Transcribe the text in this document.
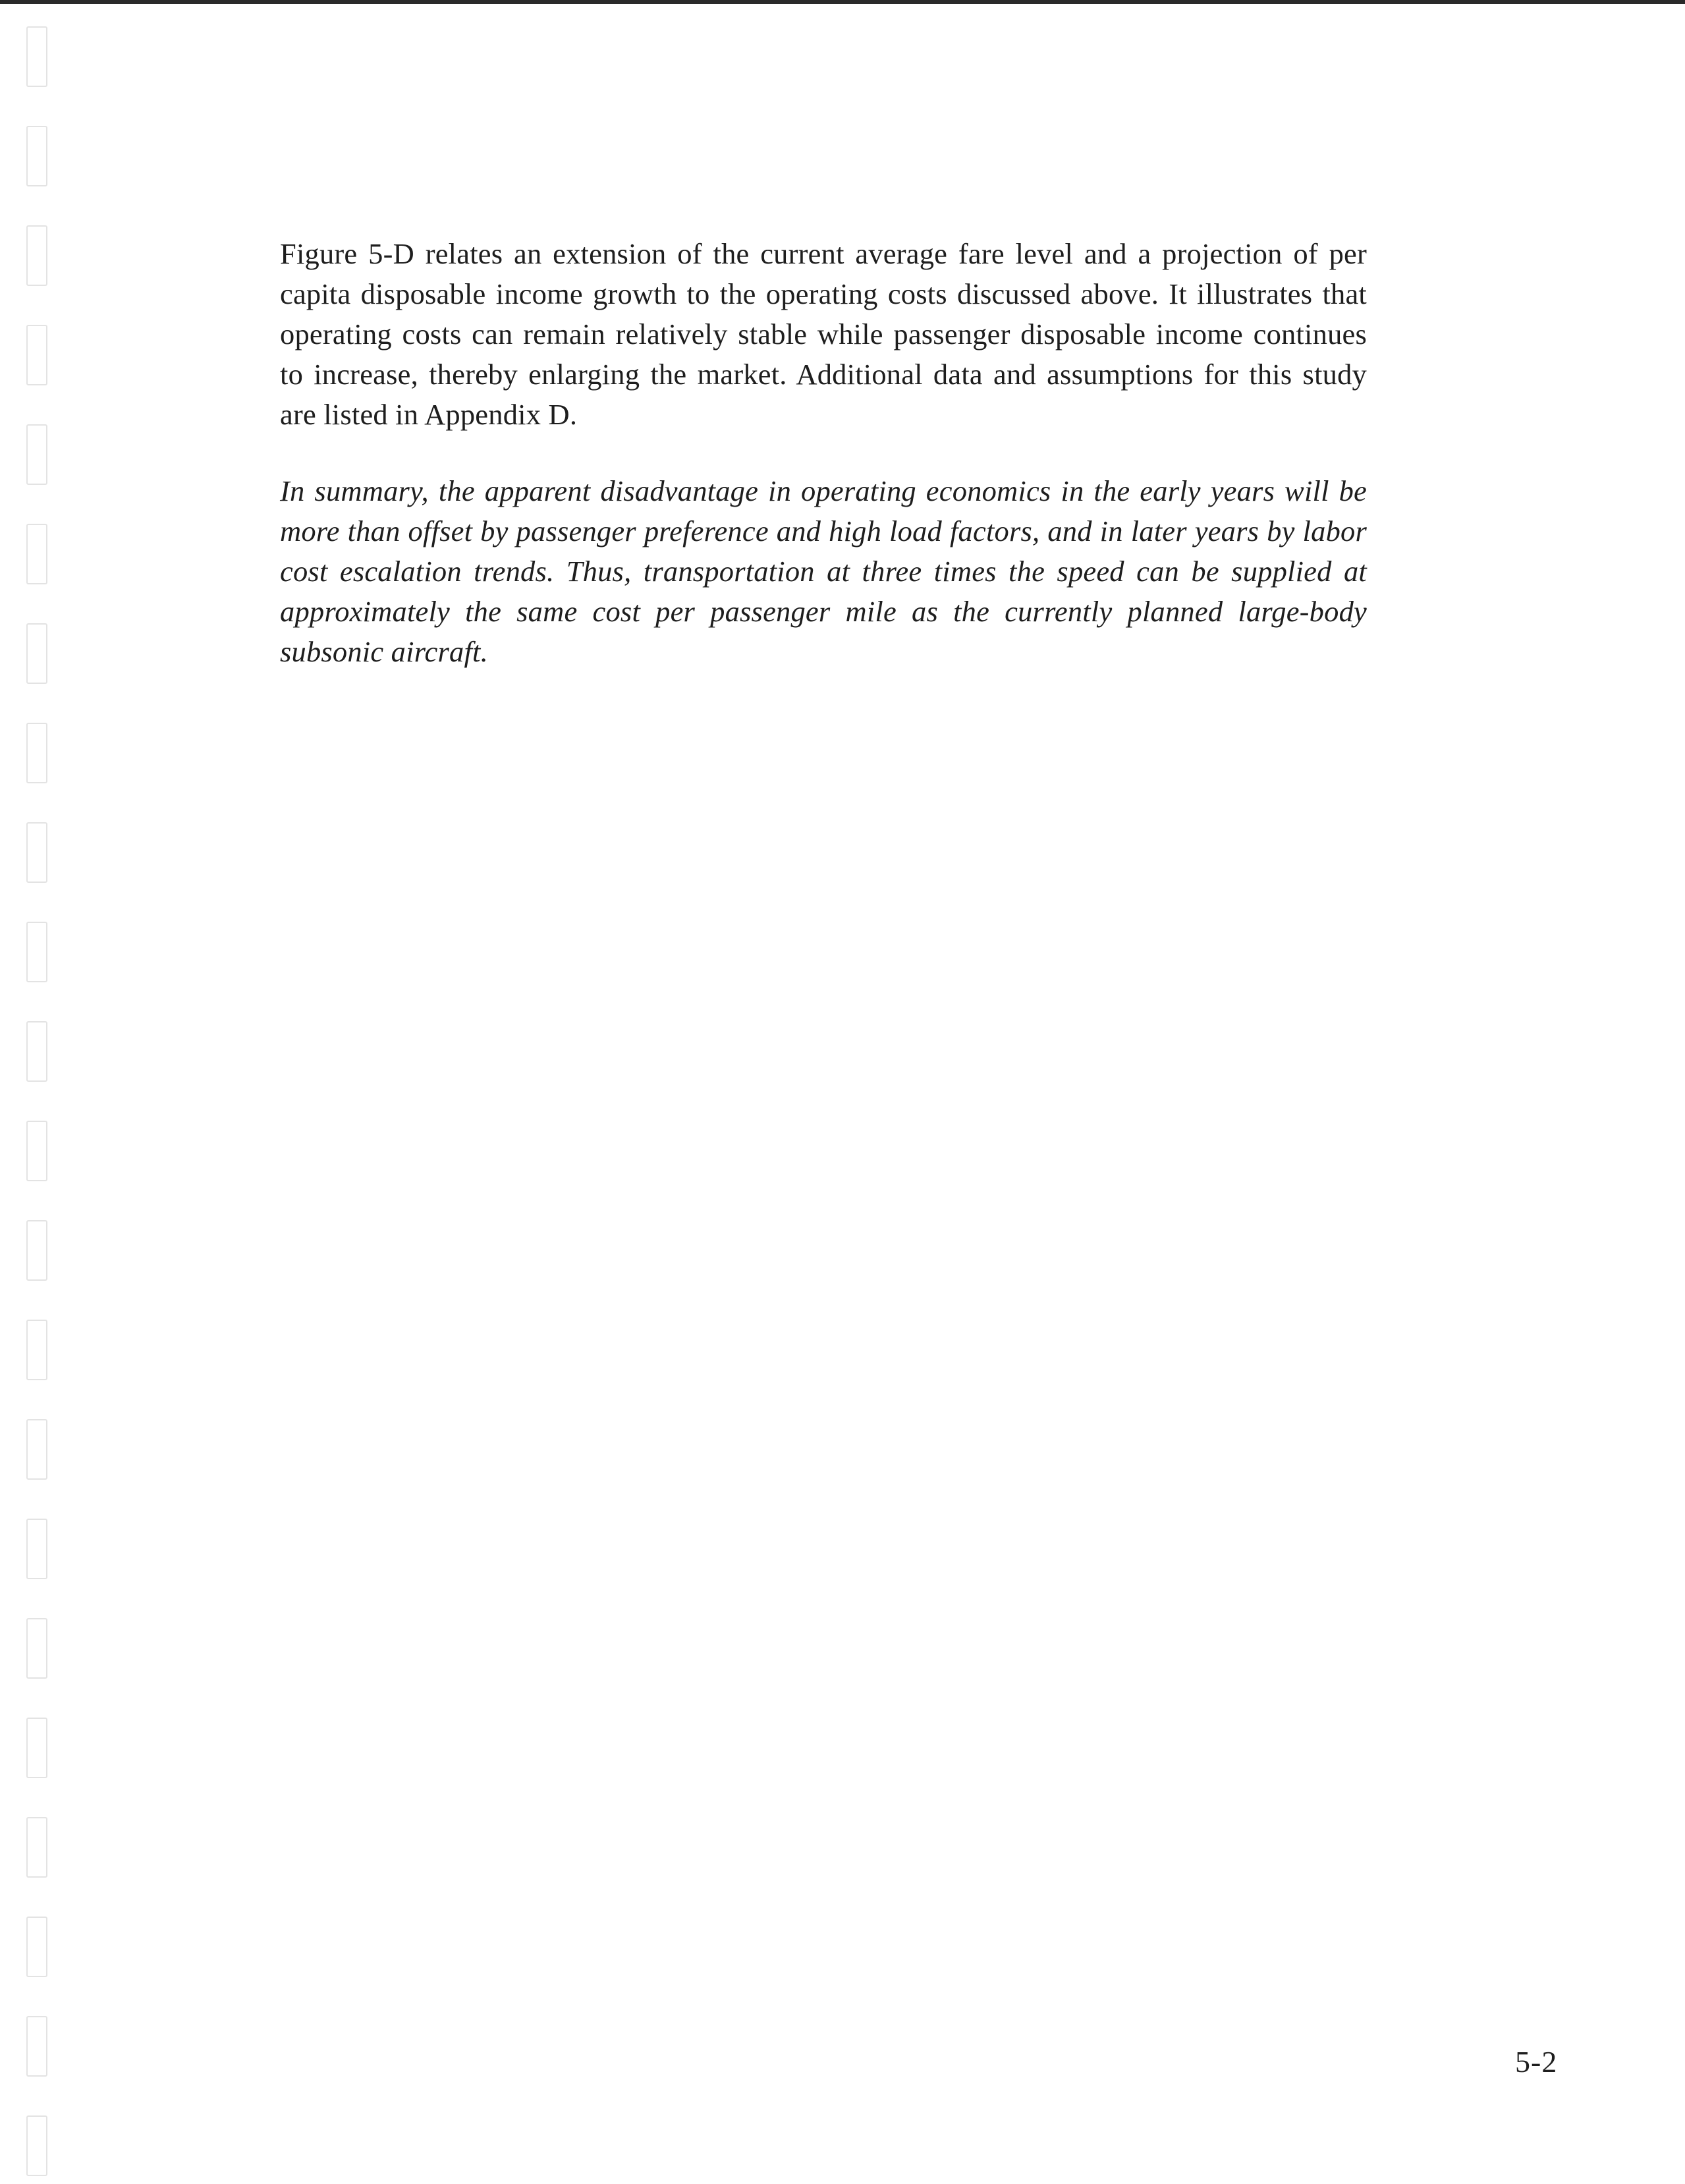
Figure 5-D relates an extension of the current average fare level and a projection of per capita disposable income growth to the operating costs discussed above. It illustrates that operating costs can remain relatively stable while passenger disposable income continues to increase, thereby enlarging the market. Additional data and assumptions for this study are listed in Appendix D.

In summary, the apparent disadvantage in operating economics in the early years will be more than offset by passenger preference and high load factors, and in later years by labor cost escalation trends. Thus, transportation at three times the speed can be supplied at approximately the same cost per passenger mile as the currently planned large-body subsonic aircraft.

5-2
